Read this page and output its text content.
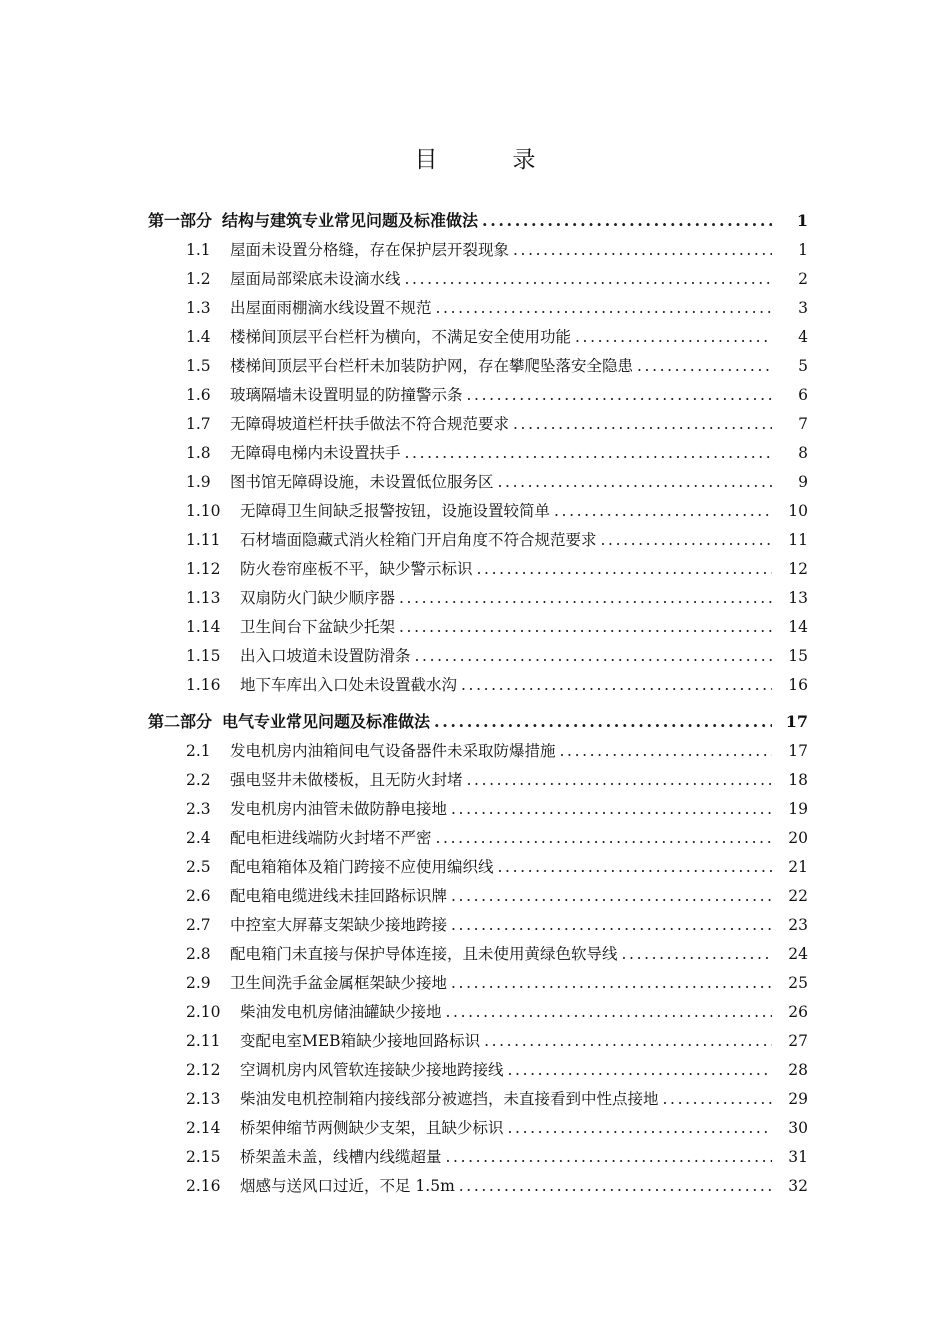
目　录
第一部分 结构与建筑专业常见问题及标准做法 .....	1
1.1	屋面未设置分格缝，存在保护层开裂现象 .....	1
1.2	屋面局部梁底未设滴水线 .....	2
1.3	出屋面雨棚滴水线设置不规范 .....	3
1.4	楼梯间顶层平台栏杆为横向，不满足安全使用功能 .....	4
1.5	楼梯间顶层平台栏杆未加装防护网，存在攀爬坠落安全隐患 .....	5
1.6	玻璃隔墙未设置明显的防撞警示条 .....	6
1.7	无障碍坡道栏杆扶手做法不符合规范要求 .....	7
1.8	无障碍电梯内未设置扶手 .....	8
1.9	图书馆无障碍设施，未设置低位服务区 .....	9
1.10	无障碍卫生间缺乏报警按钮，设施设置较简单 .....	10
1.11	石材墙面隐藏式消火栓箱门开启角度不符合规范要求 .....	11
1.12	防火卷帘座板不平，缺少警示标识 .....	12
1.13	双扇防火门缺少顺序器 .....	13
1.14	卫生间台下盆缺少托架 .....	14
1.15	出入口坡道未设置防滑条 .....	15
1.16	地下车库出入口处未设置截水沟 .....	16
第二部分 电气专业常见问题及标准做法 .....	17
2.1	发电机房内油箱间电气设备器件未采取防爆措施 .....	17
2.2	强电竖井未做楼板，且无防火封堵 .....	18
2.3	发电机房内油管未做防静电接地 .....	19
2.4	配电柜进线端防火封堵不严密 .....	20
2.5	配电箱箱体及箱门跨接不应使用编织线 .....	21
2.6	配电箱电缆进线未挂回路标识牌 .....	22
2.7	中控室大屏幕支架缺少接地跨接 .....	23
2.8	配电箱门未直接与保护导体连接，且未使用黄绿色软导线 .....	24
2.9	卫生间洗手盆金属框架缺少接地 .....	25
2.10	柴油发电机房储油罐缺少接地 .....	26
2.11	变配电室MEB箱缺少接地回路标识 .....	27
2.12	空调机房内风管软连接缺少接地跨接线 .....	28
2.13	柴油发电机控制箱内接线部分被遮挡，未直接看到中性点接地 .....	29
2.14	桥架伸缩节两侧缺少支架，且缺少标识 .....	30
2.15	桥架盖未盖，线槽内线缆超量 .....	31
2.16	烟感与送风口过近，不足 1.5m .....	32
